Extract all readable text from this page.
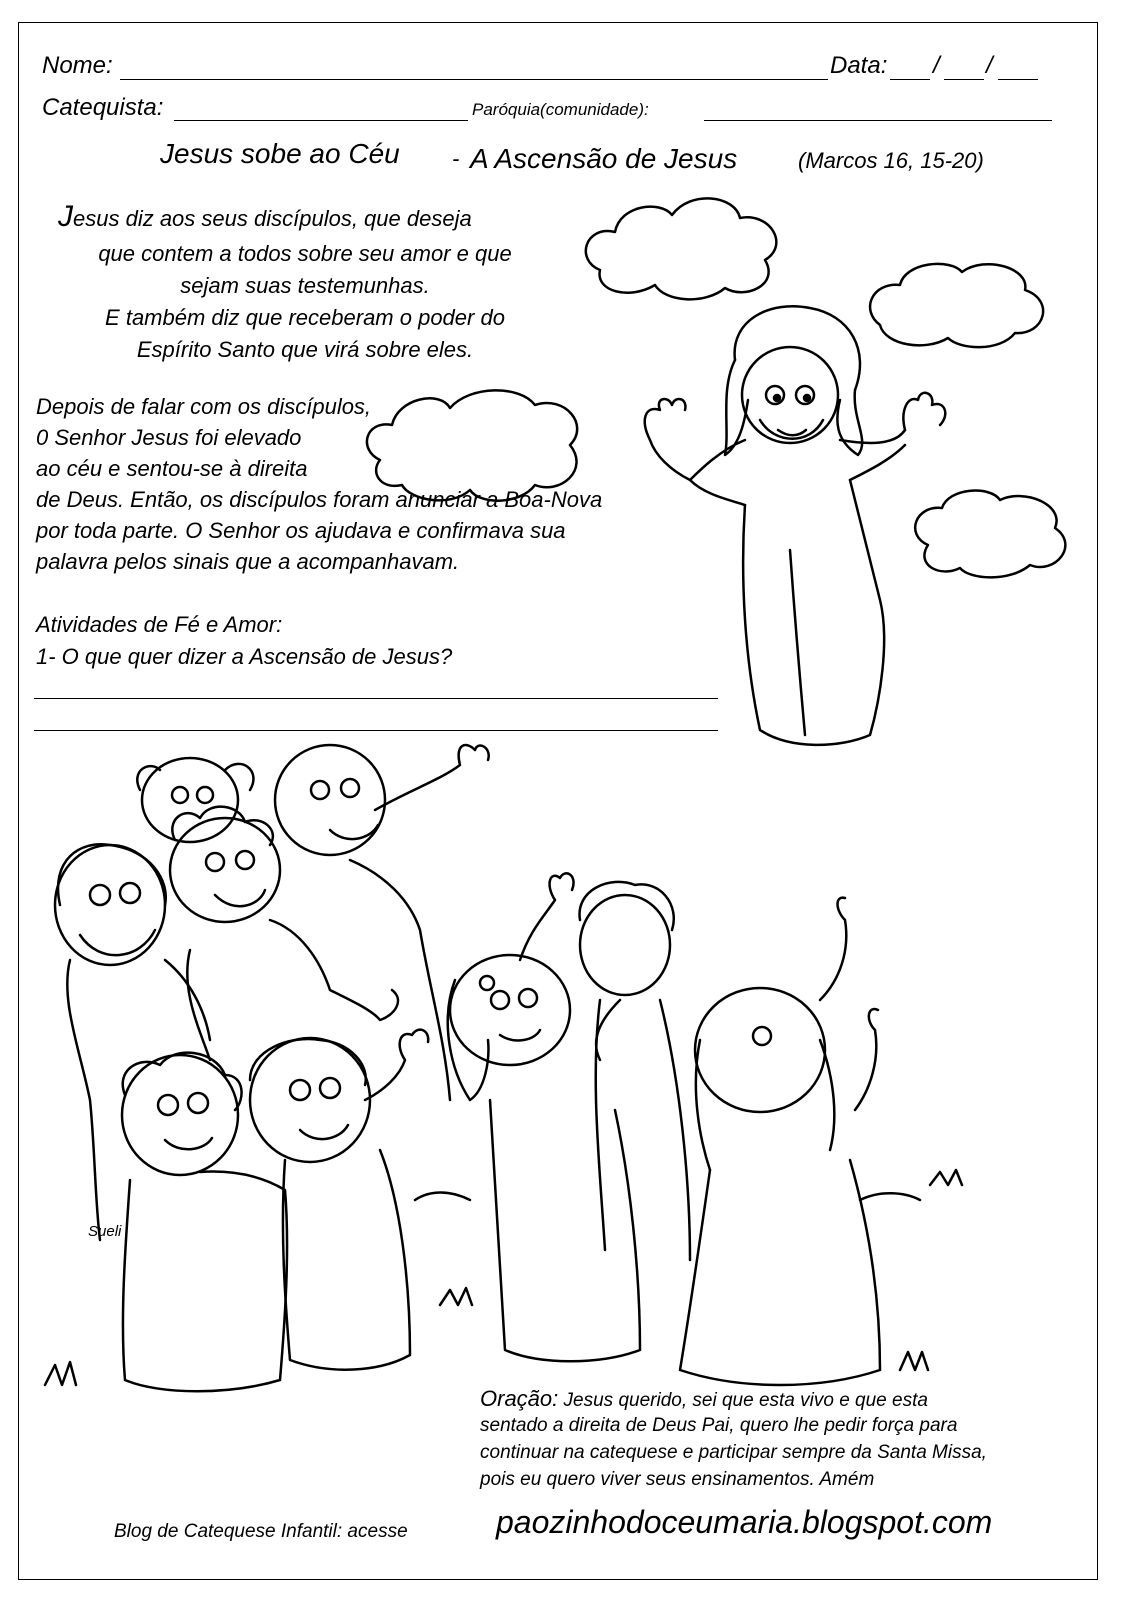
Nome:	Data: / /
Catequista:	Paróquia(comunidade):
Jesus sobe ao Céu - A Ascensão de Jesus	(Marcos 16, 15-20)
Jesus diz aos seus discípulos, que deseja
que contem a todos sobre seu amor e que
sejam suas testemunhas.
E também diz que receberam o poder do
Espírito Santo que virá sobre eles.
Depois de falar com os discípulos,
0 Senhor Jesus foi elevado
ao céu e sentou-se à direita
de Deus. Então, os discípulos foram anunciar a Boa-Nova
por toda parte. O Senhor os ajudava e confirmava sua
palavra pelos sinais que a acompanhavam.
Atividades de Fé e Amor:
1- O que quer dizer a Ascensão de Jesus?
Sueli
Oração: Jesus querido, sei que esta vivo e que esta
sentado a direita de Deus Pai, quero lhe pedir força para
continuar na catequese e participar sempre da Santa Missa,
pois eu quero viver seus ensinamentos. Amém
Blog de Catequese Infantil: acesse	paozinhodoceumaria.blogspot.com
